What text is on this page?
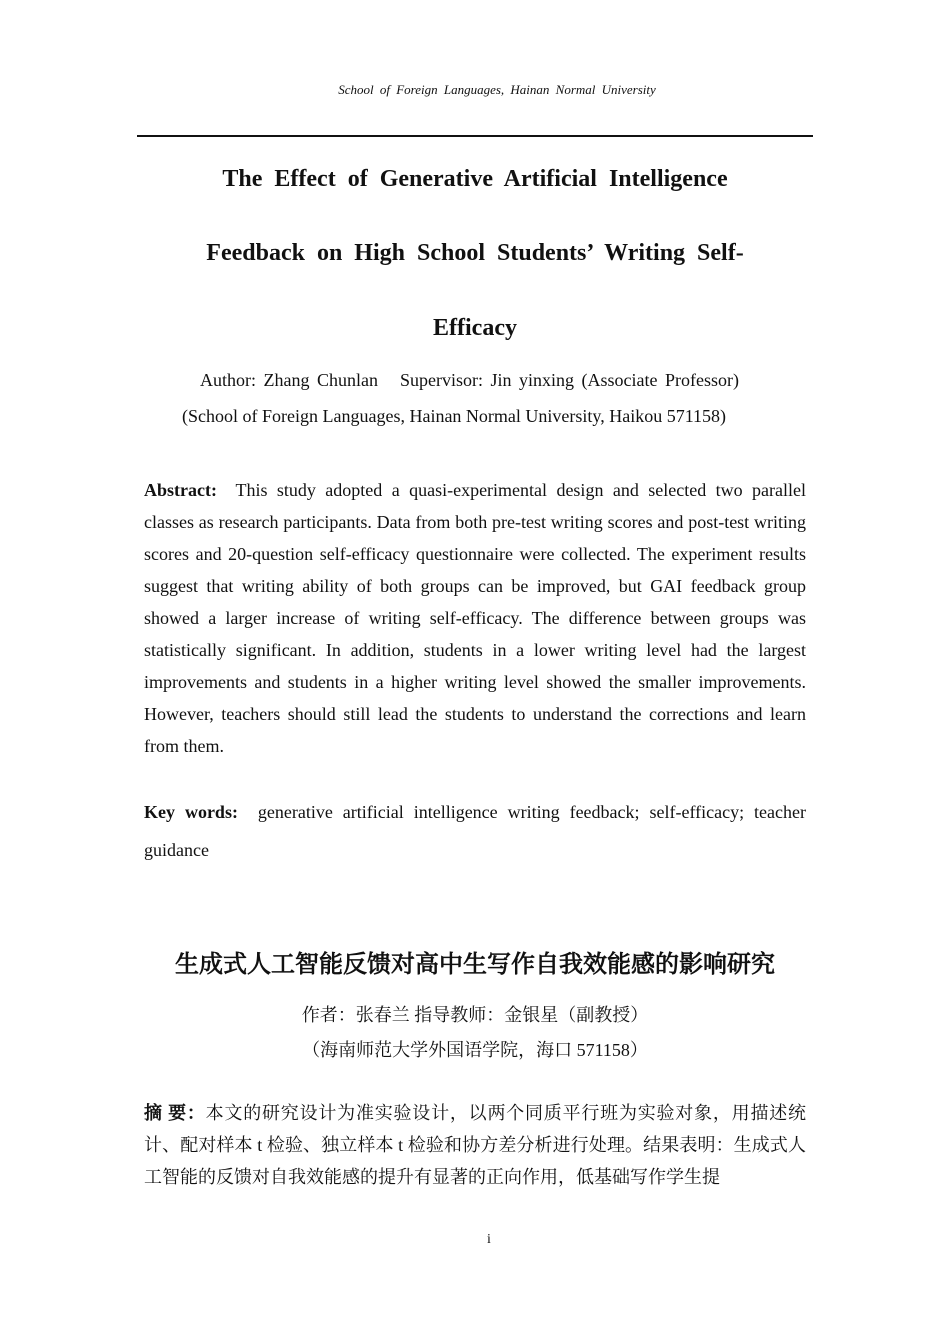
School of Foreign Languages, Hainan Normal University
The Effect of Generative Artificial Intelligence
Feedback on High School Students’ Writing Self-
Efficacy
Author: Zhang Chunlan Supervisor: Jin yinxing (Associate Professor)
(School of Foreign Languages, Hainan Normal University, Haikou 571158)
Abstract: This study adopted a quasi-experimental design and selected two parallel classes as research participants. Data from both pre-test writing scores and post-test writing scores and 20-question self-efficacy questionnaire were collected. The experiment results suggest that writing ability of both groups can be improved, but GAI feedback group showed a larger increase of writing self-efficacy. The difference between groups was statistically significant. In addition, students in a lower writing level had the largest improvements and students in a higher writing level showed the smaller improvements. However, teachers should still lead the students to understand the corrections and learn from them.
Key words: generative artificial intelligence writing feedback; self-efficacy; teacher guidance
生成式人工智能反馈对高中生写作自我效能感的影响研究
作者：张春兰 指导教师：金银星（副教授）
（海南师范大学外国语学院，海口 571158）
摘 要：本文的研究设计为准实验设计，以两个同质平行班为实验对象，用描述统计、配对样本 t 检验、独立样本 t 检验和协方差分析进行处理。结果表明：生成式人工智能的反馈对自我效能感的提升有显著的正向作用，低基础写作学生提
i
